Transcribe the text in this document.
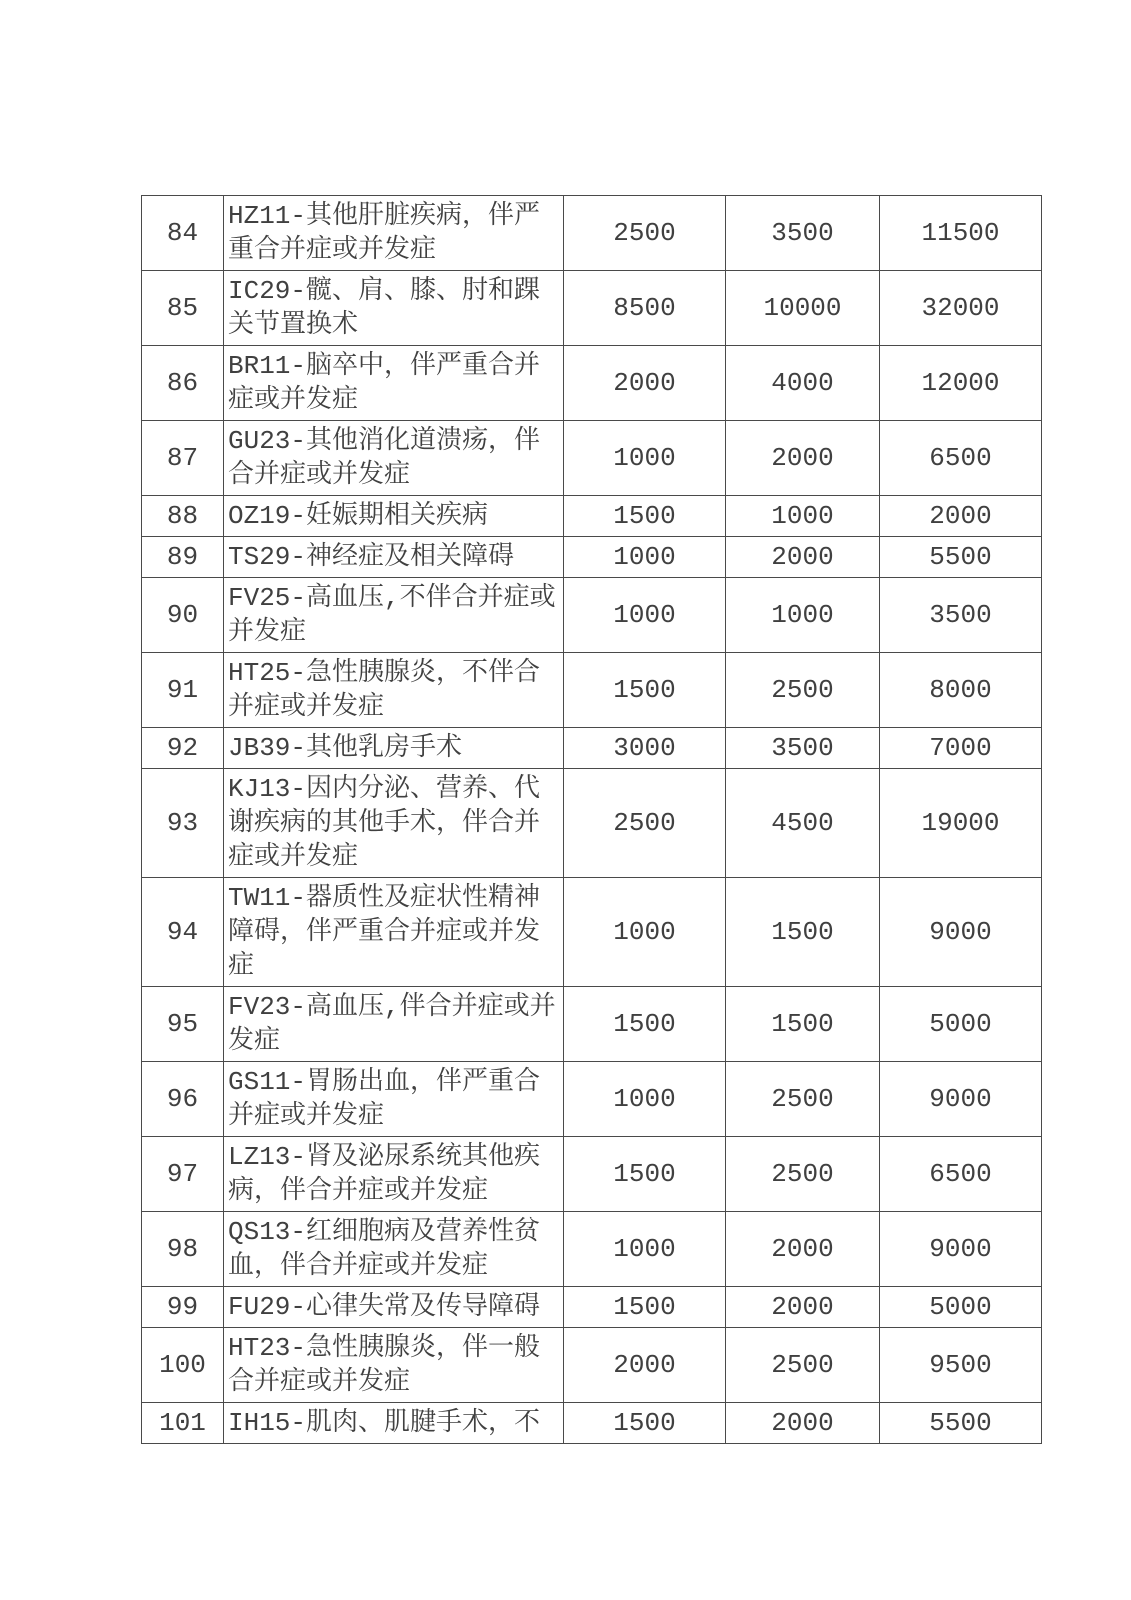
84	HZ11-其他肝脏疾病，伴严重合并症或并发症	2500	3500	11500
85	IC29-髋、肩、膝、肘和踝关节置换术	8500	10000	32000
86	BR11-脑卒中，伴严重合并症或并发症	2000	4000	12000
87	GU23-其他消化道溃疡，伴合并症或并发症	1000	2000	6500
88	OZ19-妊娠期相关疾病	1500	1000	2000
89	TS29-神经症及相关障碍	1000	2000	5500
90	FV25-高血压,不伴合并症或并发症	1000	1000	3500
91	HT25-急性胰腺炎，不伴合并症或并发症	1500	2500	8000
92	JB39-其他乳房手术	3000	3500	7000
93	KJ13-因内分泌、营养、代谢疾病的其他手术，伴合并症或并发症	2500	4500	19000
94	TW11-器质性及症状性精神障碍，伴严重合并症或并发症	1000	1500	9000
95	FV23-高血压,伴合并症或并发症	1500	1500	5000
96	GS11-胃肠出血，伴严重合并症或并发症	1000	2500	9000
97	LZ13-肾及泌尿系统其他疾病，伴合并症或并发症	1500	2500	6500
98	QS13-红细胞病及营养性贫血，伴合并症或并发症	1000	2000	9000
99	FU29-心律失常及传导障碍	1500	2000	5000
100	HT23-急性胰腺炎，伴一般合并症或并发症	2000	2500	9500
101	IH15-肌肉、肌腱手术，不	1500	2000	5500
